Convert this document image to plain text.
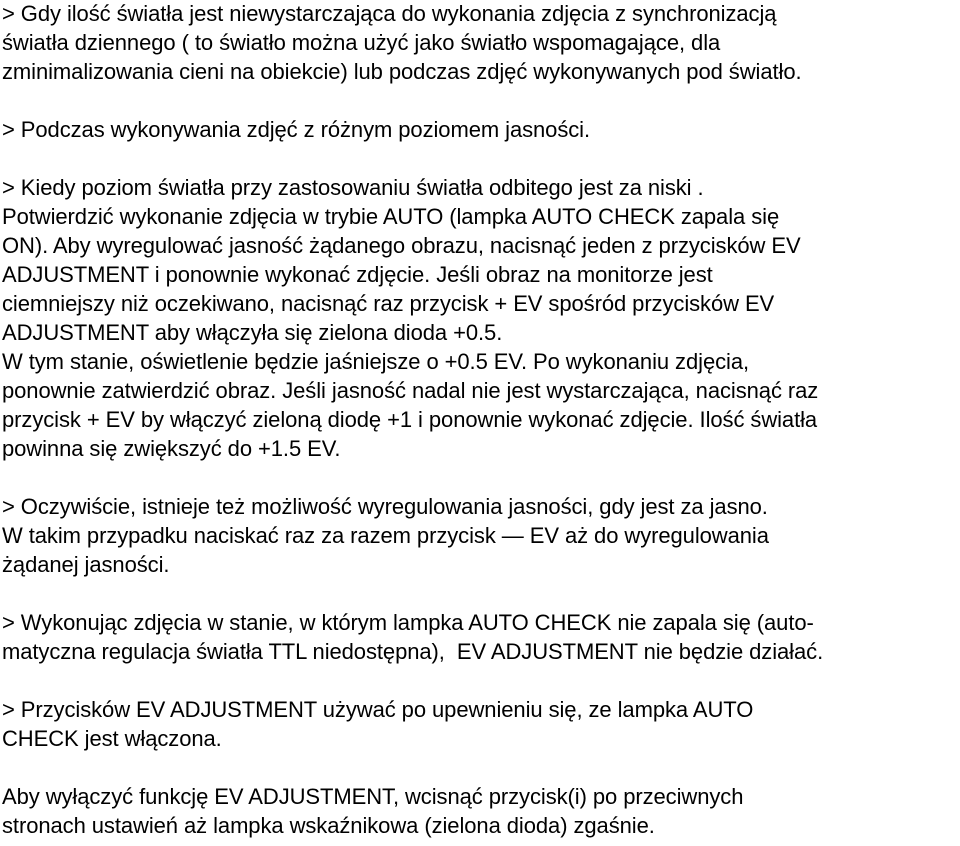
> Gdy ilość światła jest niewystarczająca do wykonania zdjęcia z synchronizacją

światła dziennego ( to światło można użyć jako światło wspomagające, dla

zminimalizowania cieni na obiekcie) lub podczas zdjęć wykonywanych pod światło.

> Podczas wykonywania zdjęć z różnym poziomem jasności.

> Kiedy poziom światła przy zastosowaniu światła odbitego jest za niski .

Potwierdzić wykonanie zdjęcia w trybie AUTO (lampka AUTO CHECK zapala się

ON). Aby wyregulować jasność żądanego obrazu, nacisnąć jeden z przycisków EV

ADJUSTMENT i ponownie wykonać zdjęcie. Jeśli obraz na monitorze jest

ciemniejszy niż oczekiwano, nacisnąć raz przycisk + EV spośród przycisków EV

ADJUSTMENT aby włączyła się zielona dioda +0.5.

W tym stanie, oświetlenie będzie jaśniejsze o +0.5 EV. Po wykonaniu zdjęcia,

ponownie zatwierdzić obraz. Jeśli jasność nadal nie jest wystarczająca, nacisnąć raz

przycisk + EV by włączyć zieloną diodę +1 i ponownie wykonać zdjęcie. Ilość światła

powinna się zwiększyć do +1.5 EV.

> Oczywiście, istnieje też możliwość wyregulowania jasności, gdy jest za jasno.

W takim przypadku naciskać raz za razem przycisk — EV aż do wyregulowania

żądanej jasności.

> Wykonując zdjęcia w stanie, w którym lampka AUTO CHECK nie zapala się (auto-

matyczna regulacja światła TTL niedostępna),  EV ADJUSTMENT nie będzie działać.

> Przycisków EV ADJUSTMENT używać po upewnieniu się, ze lampka AUTO

CHECK jest włączona.

Aby wyłączyć funkcję EV ADJUSTMENT, wcisnąć przycisk(i) po przeciwnych

stronach ustawień aż lampka wskaźnikowa (zielona dioda) zgaśnie.
